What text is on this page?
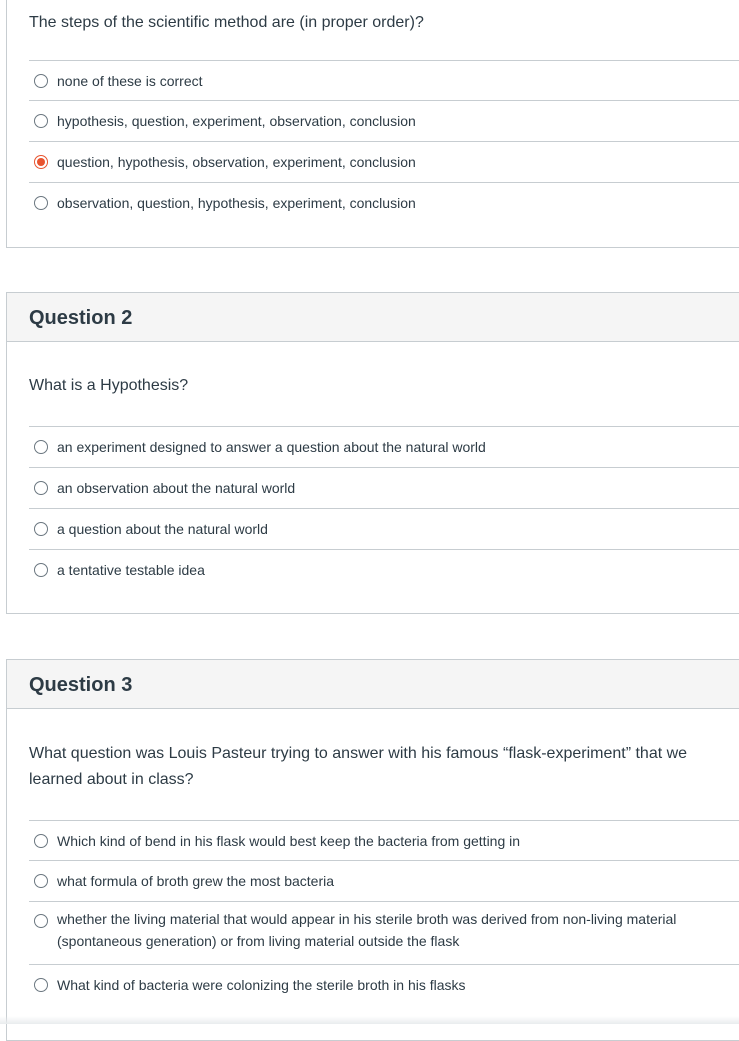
The steps of the scientific method are (in proper order)?
none of these is correct
hypothesis, question, experiment, observation, conclusion
question, hypothesis, observation, experiment, conclusion
observation, question, hypothesis, experiment, conclusion
Question 2
What is a Hypothesis?
an experiment designed to answer a question about the natural world
an observation about the natural world
a question about the natural world
a tentative testable idea
Question 3
What question was Louis Pasteur trying to answer with his famous “flask-experiment” that we learned about in class?
Which kind of bend in his flask would best keep the bacteria from getting in
what formula of broth grew the most bacteria
whether the living material that would appear in his sterile broth was derived from non-living material (spontaneous generation) or from living material outside the flask
What kind of bacteria were colonizing the sterile broth in his flasks
